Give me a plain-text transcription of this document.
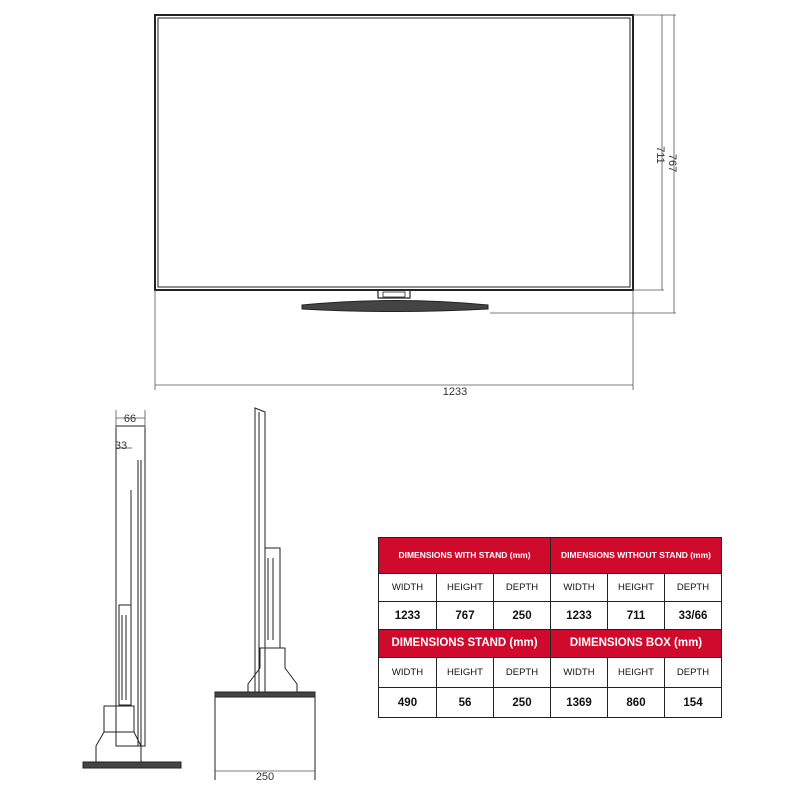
1233
711 767
66
33
250
DIMENSIONS WITH STAND (mm)			DIMENSIONS WITHOUT STAND (mm)		
WIDTH	HEIGHT	DEPTH	WIDTH	HEIGHT	DEPTH
1233	767	250	1233	711	33/66
DIMENSIONS STAND (mm)			DIMENSIONS BOX (mm)		
WIDTH	HEIGHT	DEPTH	WIDTH	HEIGHT	DEPTH
490	56	250	1369	860	154
